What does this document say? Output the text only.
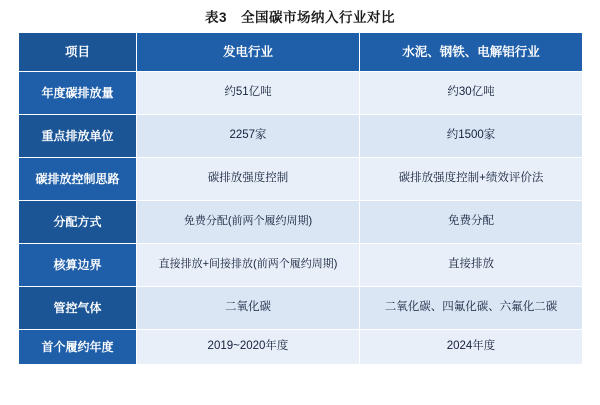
表3 全国碳市场纳入行业对比
项目	发电行业	水泥、钢铁、电解铝行业
年度碳排放量	约51亿吨	约30亿吨
重点排放单位	2257家	约1500家
碳排放控制思路	碳排放强度控制	碳排放强度控制+绩效评价法
分配方式	免费分配(前两个履约周期)	免费分配
核算边界	直接排放+间接排放(前两个履约周期)	直接排放
管控气体	二氧化碳	二氧化碳、四氟化碳、六氟化二碳
首个履约年度	2019~2020年度	2024年度
